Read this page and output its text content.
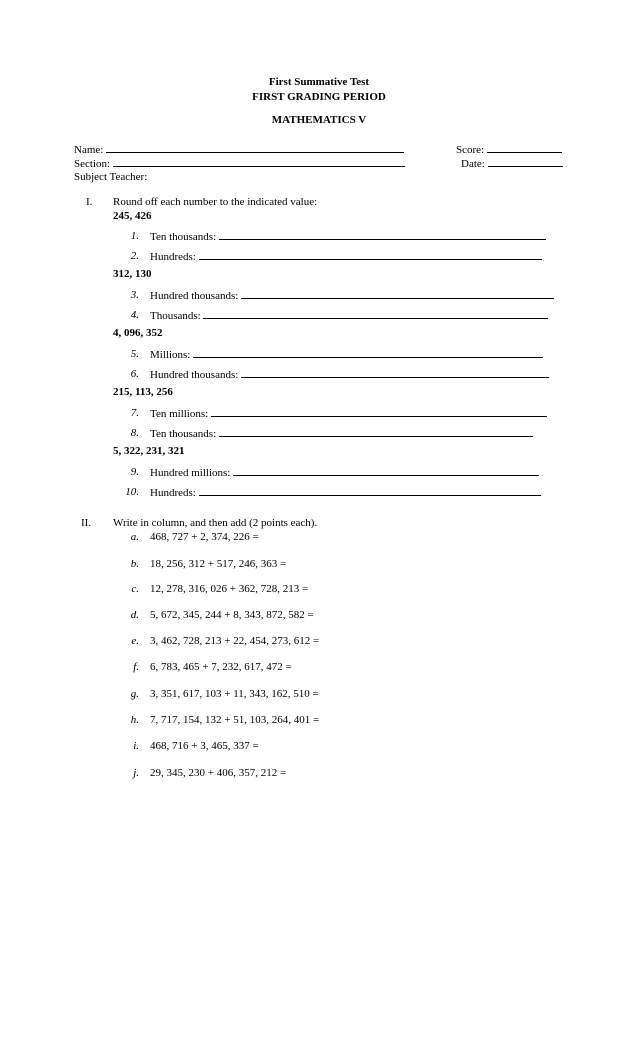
First Summative Test
FIRST GRADING PERIOD
MATHEMATICS V
Name:
Section:
Subject Teacher:
Score:
Date:
I. Round off each number to the indicated value:
245, 426
1. Ten thousands:
2. Hundreds:
312, 130
3. Hundred thousands:
4. Thousands:
4, 096, 352
5. Millions:
6. Hundred thousands:
215, 113, 256
7. Ten millions:
8. Ten thousands:
5, 322, 231, 321
9. Hundred millions:
10. Hundreds:
II. Write in column, and then add (2 points each).
a. 468, 727 + 2, 374, 226 =
b. 18, 256, 312 + 517, 246, 363 =
c. 12, 278, 316, 026 + 362, 728, 213 =
d. 5, 672, 345, 244 + 8, 343, 872, 582 =
e. 3, 462, 728, 213 + 22, 454, 273, 612 =
f. 6, 783, 465 + 7, 232, 617, 472 =
g. 3, 351, 617, 103 + 11, 343, 162, 510 =
h. 7, 717, 154, 132 + 51, 103, 264, 401 =
i. 468, 716 + 3, 465, 337 =
j. 29, 345, 230 + 406, 357, 212 =
